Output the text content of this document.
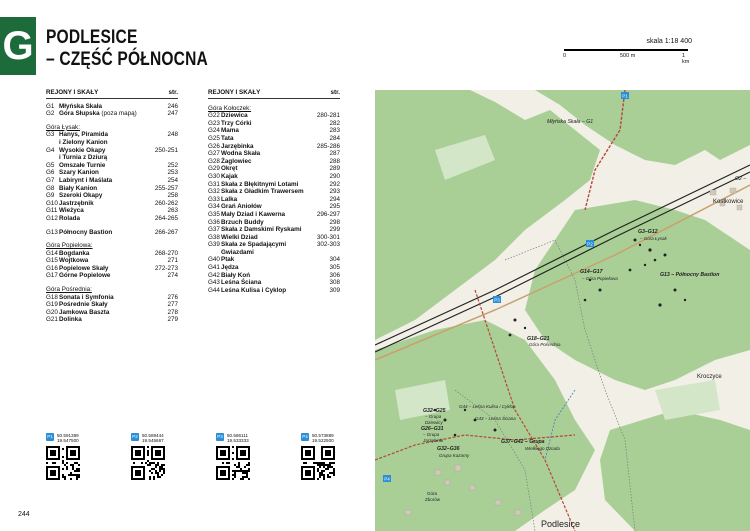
G PODLESICE
– CZĘŚĆ PÓŁNOCNA
skala 1:18 400
0	500 m	1 km
REJONY I SKAŁY	str.
G1 Młyńska Skała	246
G2 Góra Słupska (poza mapą)	247
Góra Łysak:
G3 Hanys, Piramida	248
i Zielony Kanion
G4 Wysokie Okapy	250-251
i Turnia z Dziurą
G5 Omszałe Turnie	252
G6 Szary Kanion	253
G7 Labirynt i Maślata	254
G8 Biały Kanion	255-257
G9 Szeroki Okapy	258
G10 Jastrzębnik	260-262
G11 Wieżyca	263
G12 Rolada	264-265
G13 Północny Bastion	266-267
Góra Popielowa:
G14 Bogdanka	268-270
G15 Wojtkowa	271
G16 Popielowe Skały	272-273
G17 Górne Popielowe	274
Góra Pośrednia:
G18 Sonata i Symfonia	276
G19 Pośrednie Skały	277
G20 Jamkowa Baszta	278
G21 Dolinka	279
REJONY I SKAŁY	str.
Góra Kołoczek:
G22 Dziewica	280-281
G23 Trzy Córki	282
G24 Mama	283
G25 Tata	284
G26 Jarzębinka	285-286
G27 Wodna Skała	287
G28 Żaglowiec	288
G29 Okręt	289
G30 Kajak	290
G31 Skała z Błękitnymi Lotami	292
G32 Skała z Gładkim Trawersem	293
G33 Lalka	294
G34 Grań Aniołów	295
G35 Mały Dziad i Kawerna	296-297
G36 Brzuch Buddy	298
G37 Skała z Damskimi Ryskami	299
G38 Wielki Dziad	300-301
G39 Skała ze Spadającymi	302-303
Gwiazdami
G40 Ptak	304
G41 Jędza	305
G42 Biały Koń	306
G43 Leśna Ściana	308
G44 Leśna Kulisa i Cyklop	309
P1 50.591389
19.547500
P2 50.589444
19.545667
P3 50.586111
19.533333
P4 50.573889
19.522500
244
P1
P2
P3
P4
Młyńska Skała – G1
G2 –
Kostkowice
G3–G12
– Góra Łysak
G13 – Północny Bastion
G14–G17
– Góra Popielowa
G18–G21
Góra Pośrednia
Kroczyce
G44 – Leśna Kulisa i Cyklop
G43 – Leśna Ściana
G32–G25
– Grupa
Dziewicy
G26–G31
– Grupa
Jarzębinki
G32–G36
Grupa Kazarny
G37–G42 – Grupa
Wielkiego Dziada
Góra
Zborów
Podlesice
